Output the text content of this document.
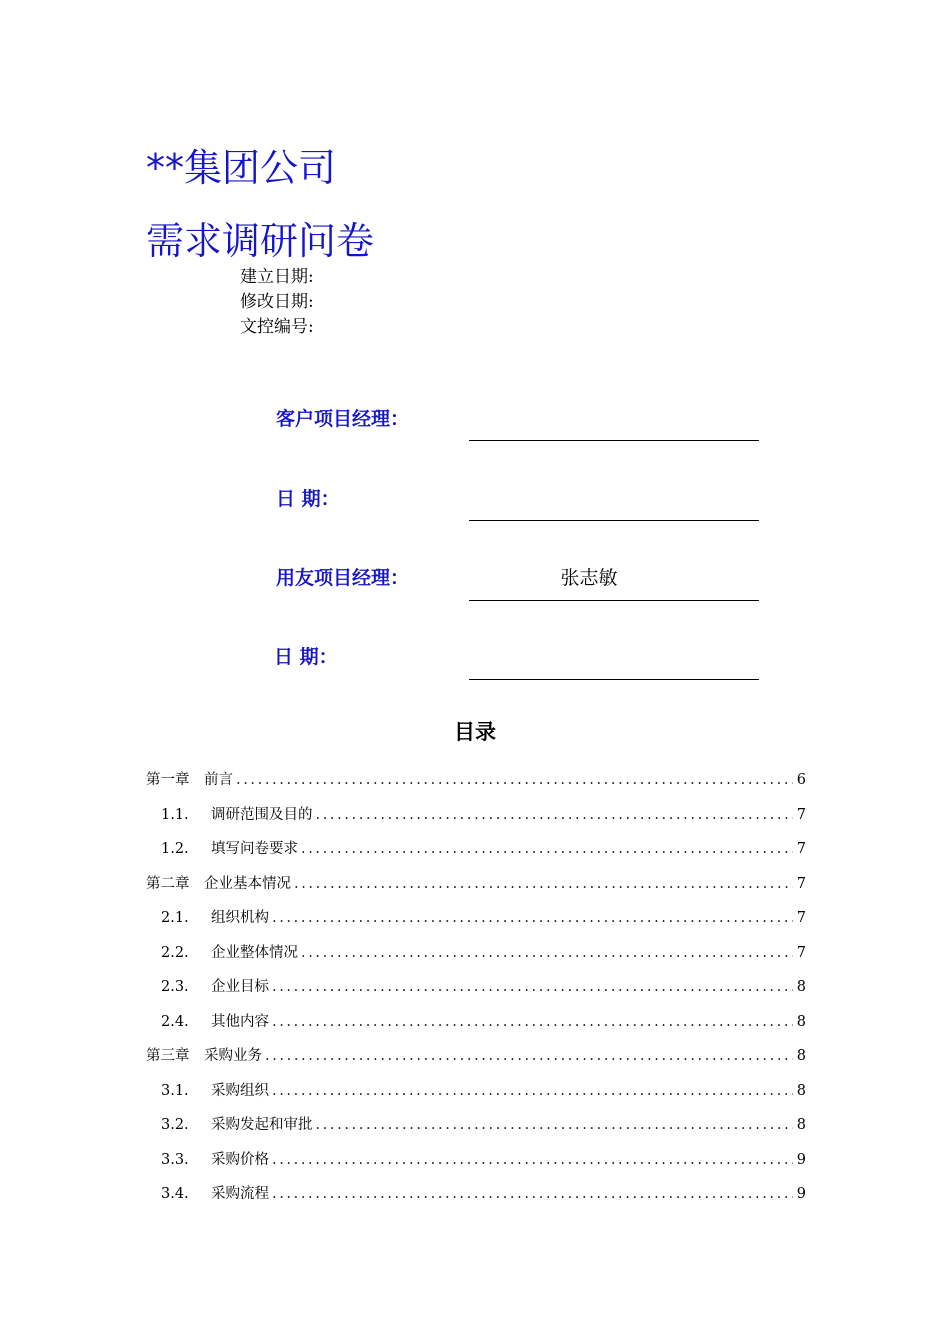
**集团公司
需求调研问卷
建立日期:
修改日期:
文控编号:
客户项目经理：
日 期：
用友项目经理：	张志敏
日 期：
目录
第一章	前言 .....	6
1.1.	调研范围及目的 .....	7
1.2.	填写问卷要求 .....	7
第二章	企业基本情况 .....	7
2.1.	组织机构 .....	7
2.2.	企业整体情况 .....	7
2.3.	企业目标 .....	8
2.4.	其他内容 .....	8
第三章	采购业务 .....	8
3.1.	采购组织 .....	8
3.2.	采购发起和审批 .....	8
3.3.	采购价格 .....	9
3.4.	采购流程 .....	9
